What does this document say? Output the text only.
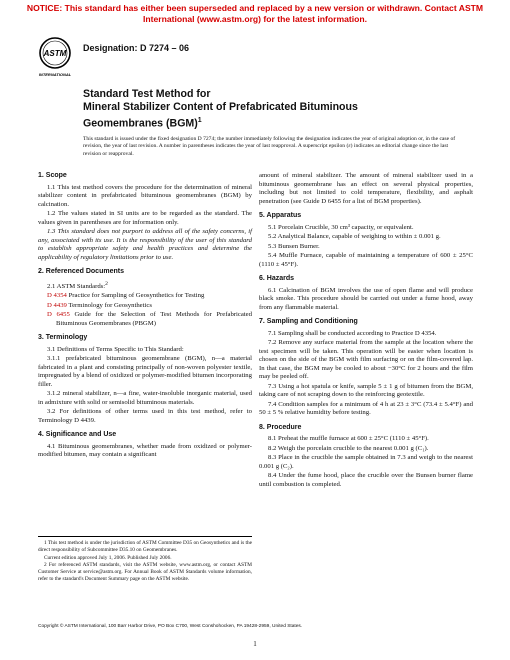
NOTICE: This standard has either been superseded and replaced by a new version or withdrawn. Contact ASTM
International (www.astm.org) for the latest information.
ASTM
INTERNATIONAL
Designation: D 7274 – 06
Standard Test Method for
Mineral Stabilizer Content of Prefabricated Bituminous
Geomembranes (BGM)$^1$
This standard is issued under the fixed designation D 7274; the number immediately following the designation indicates the year of original adoption or, in the case of revision, the year of last revision. A number in parentheses indicates the year of last reapproval. A superscript epsilon (ε) indicates an editorial change since the last revision or reapproval.
1. Scope

1.1 This test method covers the procedure for the determination of mineral stabilizer content in prefabricated bituminous geomembranes (BGM) by calcination.

1.2 The values stated in SI units are to be regarded as the standard. The values given in parentheses are for information only.

1.3 This standard does not purport to address all of the safety concerns, if any, associated with its use. It is the responsibility of the user of this standard to establish appropriate safety and health practices and determine the applicability of regulatory limitations prior to use.

2. Referenced Documents

2.1 ASTM Standards:$^2$

D 4354 Practice for Sampling of Geosynthetics for Testing

D 4439 Terminology for Geosynthetics

D 6455 Guide for the Selection of Test Methods for Prefabricated Bituminous Geomembranes (PBGM)

3. Terminology

3.1 Definitions of Terms Specific to This Standard:

3.1.1 prefabricated bituminous geomembrane (BGM), n—a material fabricated in a plant and consisting principally of non-woven polyester textile, impregnated by a blend of oxidized or polymer-modified bitumen incorporating filler.

3.1.2 mineral stabilizer, n—a fine, water-insoluble inorganic material, used in admixture with solid or semisolid bituminous materials.

3.2 For definitions of other terms used in this test method, refer to Terminology D 4439.

4. Significance and Use

4.1 Bituminous geomembranes, whether made from oxidized or polymer-modified bitumen, may contain a significant

1 This test method is under the jurisdiction of ASTM Committee D35 on Geosynthetics and is the direct responsibility of Subcommittee D35.10 on Geomembranes.

Current edition approved July 1, 2006. Published July 2006.

2 For referenced ASTM standards, visit the ASTM website, www.astm.org, or contact ASTM Customer Service at service@astm.org. For Annual Book of ASTM Standards volume information, refer to the standard's Document Summary page on the ASTM website.

amount of mineral stabilizer. The amount of mineral stabilizer used in a bituminous geomembrane has an effect on several physical properties, including but not limited to cold temperature, flexibility, and asphalt penetration (see Guide D 6455 for a list of BGM properties).

5. Apparatus

5.1 Porcelain Crucible, 30 cm³ capacity, or equivalent.

5.2 Analytical Balance, capable of weighing to within ± 0.001 g.

5.3 Bunsen Burner.

5.4 Muffle Furnace, capable of maintaining a temperature of 600 ± 25°C (1110 ± 45°F).

6. Hazards

6.1 Calcination of BGM involves the use of open flame and will produce black smoke. This procedure should be carried out under a fume hood, away from any flammable material.

7. Sampling and Conditioning

7.1 Sampling shall be conducted according to Practice D 4354.

7.2 Remove any surface material from the sample at the location where the test specimen will be taken. This operation will be easier when location is chosen on the side of the BGM with film surfacing or on the film-covered lap. In that case, the BGM may be cooled to about −30°C for 2 hours and the film may be peeled off.

7.3 Using a hot spatula or knife, sample 5 ± 1 g of bitumen from the BGM, taking care of not scraping down to the reinforcing geotextile.

7.4 Condition samples for a minimum of 4 h at 23 ± 3°C (73.4 ± 5.4°F) and 50 ± 5 % relative humidity before testing.

8. Procedure

8.1 Preheat the muffle furnace at 600 ± 25°C (1110 ± 45°F).

8.2 Weigh the porcelain crucible to the nearest 0.001 g (C₁).

8.3 Place in the crucible the sample obtained in 7.3 and weigh to the nearest 0.001 g (C₂).

8.4 Under the fume hood, place the crucible over the Bunsen burner flame until combustion is completed.

Copyright © ASTM International, 100 Barr Harbor Drive, PO Box C700, West Conshohocken, PA 19428-2959, United States.
1
